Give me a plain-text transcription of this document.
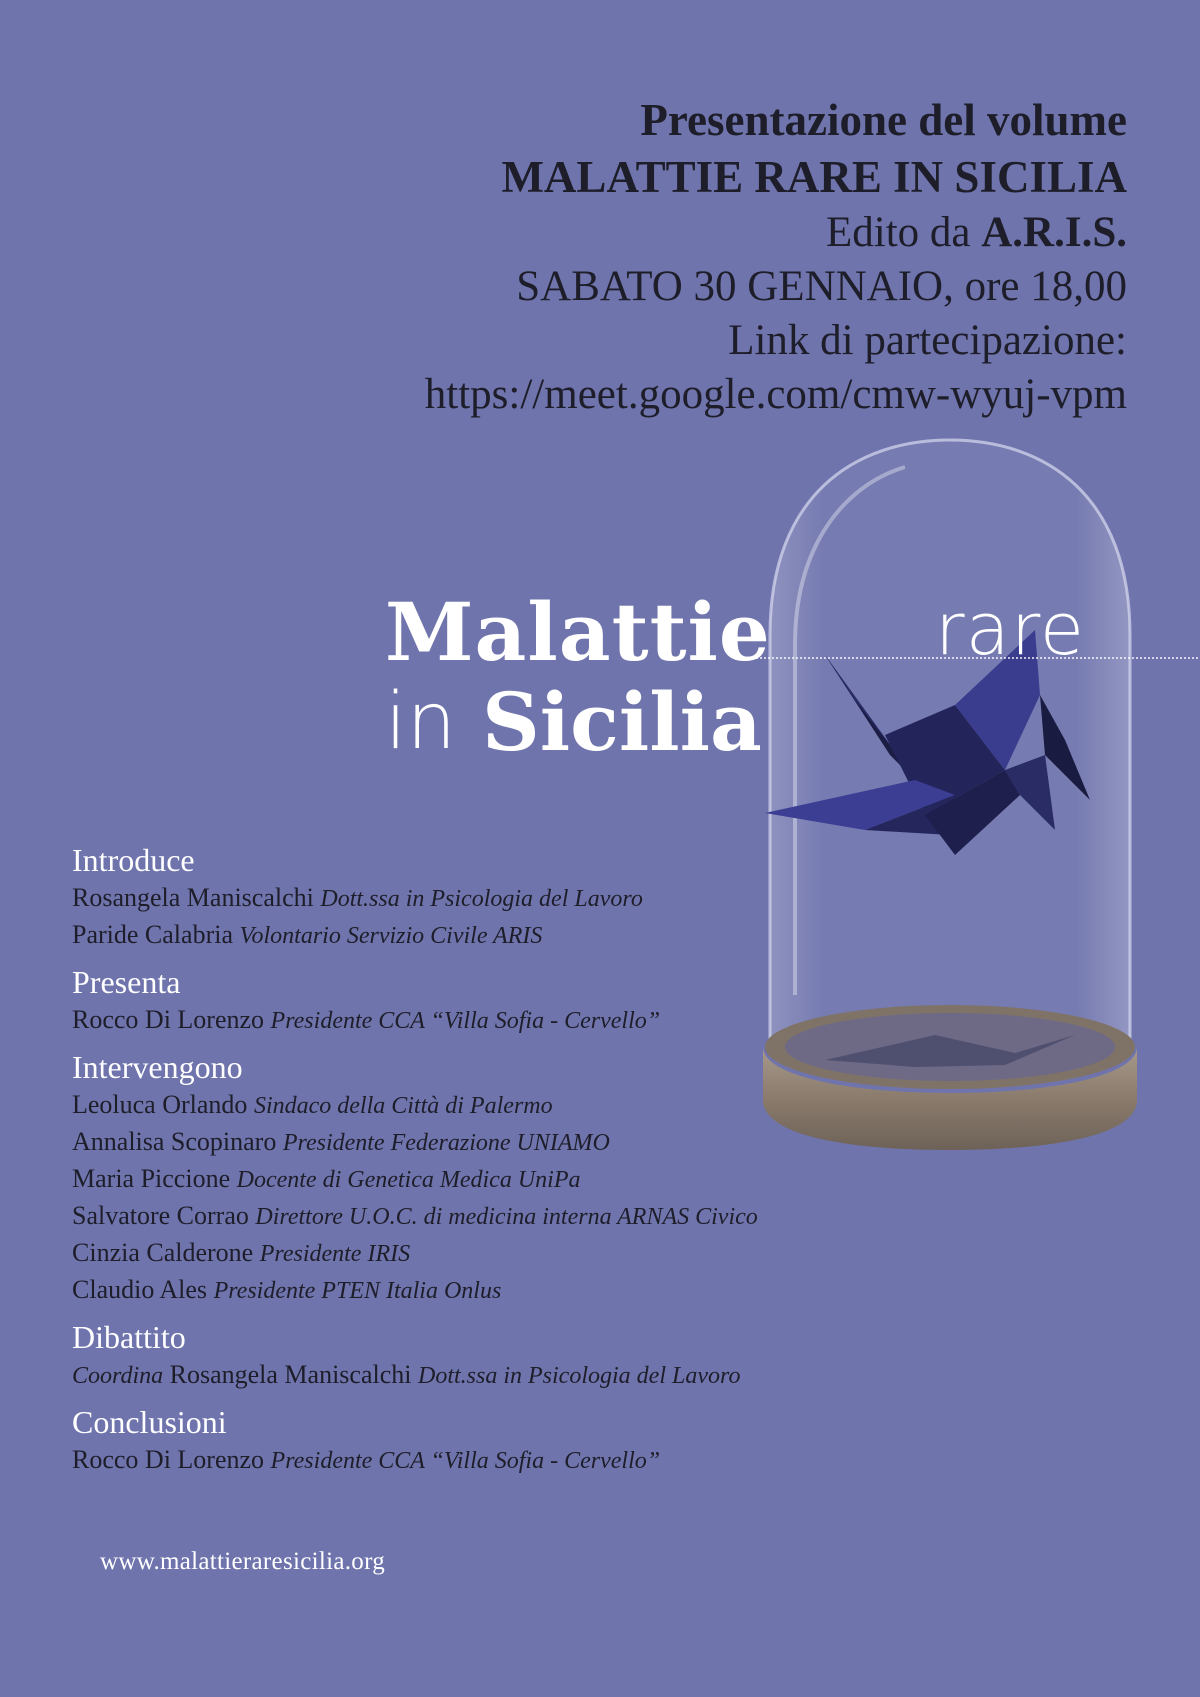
Presentazione del volume
MALATTIE RARE IN SICILIA
Edito da A.R.I.S.
SABATO 30 GENNAIO, ore 18,00
Link di partecipazione:
https://meet.google.com/cmw-wyuj-vpm
Malattie rare
in Sicilia
Introduce
Rosangela Maniscalchi Dott.ssa in Psicologia del Lavoro
Paride Calabria Volontario Servizio Civile ARIS
Presenta
Rocco Di Lorenzo Presidente CCA “Villa Sofia - Cervello”
Intervengono
Leoluca Orlando Sindaco della Città di Palermo
Annalisa Scopinaro Presidente Federazione UNIAMO
Maria Piccione Docente di Genetica Medica UniPa
Salvatore Corrao Direttore U.O.C. di medicina interna ARNAS Civico
Cinzia Calderone Presidente IRIS
Claudio Ales Presidente PTEN Italia Onlus
Dibattito
Coordina Rosangela Maniscalchi Dott.ssa in Psicologia del Lavoro
Conclusioni
Rocco Di Lorenzo Presidente CCA “Villa Sofia - Cervello”
www.malattieraresicilia.org
